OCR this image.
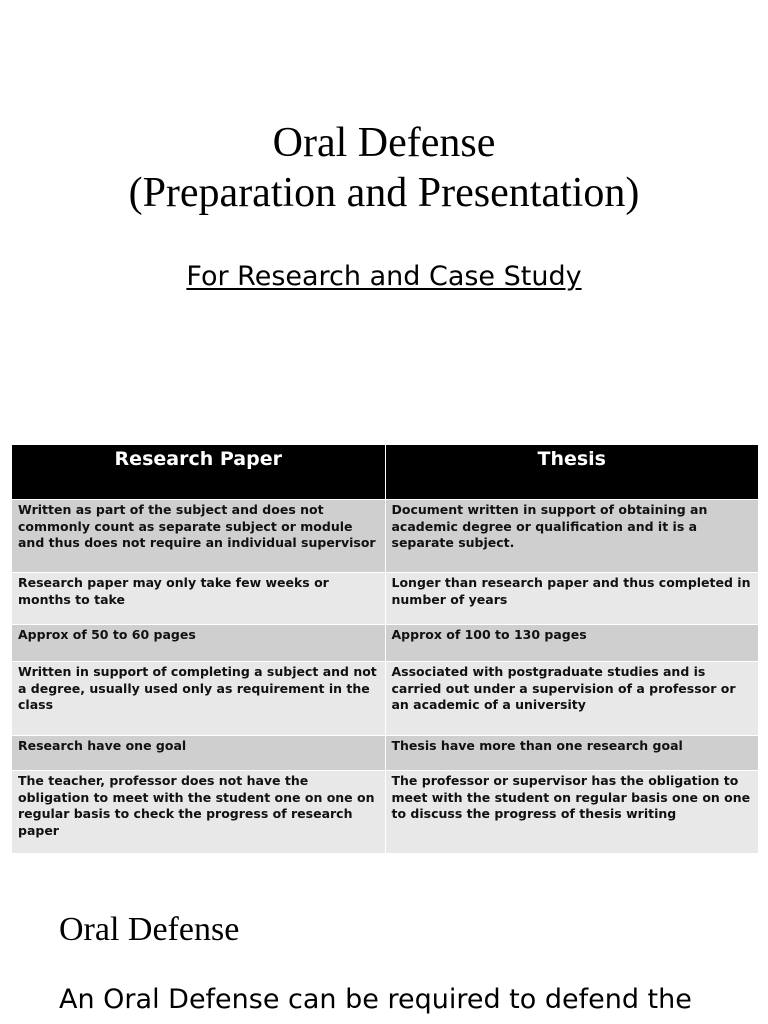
Oral Defense
(Preparation and Presentation)
For Research and Case Study
Research Paper	Thesis
Written as part of the subject and does not commonly count as separate subject or module and thus does not require an individual supervisor	Document written in support of obtaining an academic degree or qualification and it is a separate subject.
Research paper may only take few weeks or months to take	Longer than research paper and thus completed in number of years
Approx of 50 to 60 pages	Approx of 100 to 130 pages
Written in support of completing a subject and not a degree, usually used only as requirement in the class	Associated with postgraduate studies and is carried out under a supervision of a professor or an academic of a university
Research have one goal	Thesis have more than one research goal
The teacher, professor does not have the obligation to meet with the student one on one on regular basis to check the progress of research paper	The professor or supervisor has the obligation to meet with the student on regular basis one on one to discuss the progress of thesis writing
Oral Defense
An Oral Defense can be required to defend the
